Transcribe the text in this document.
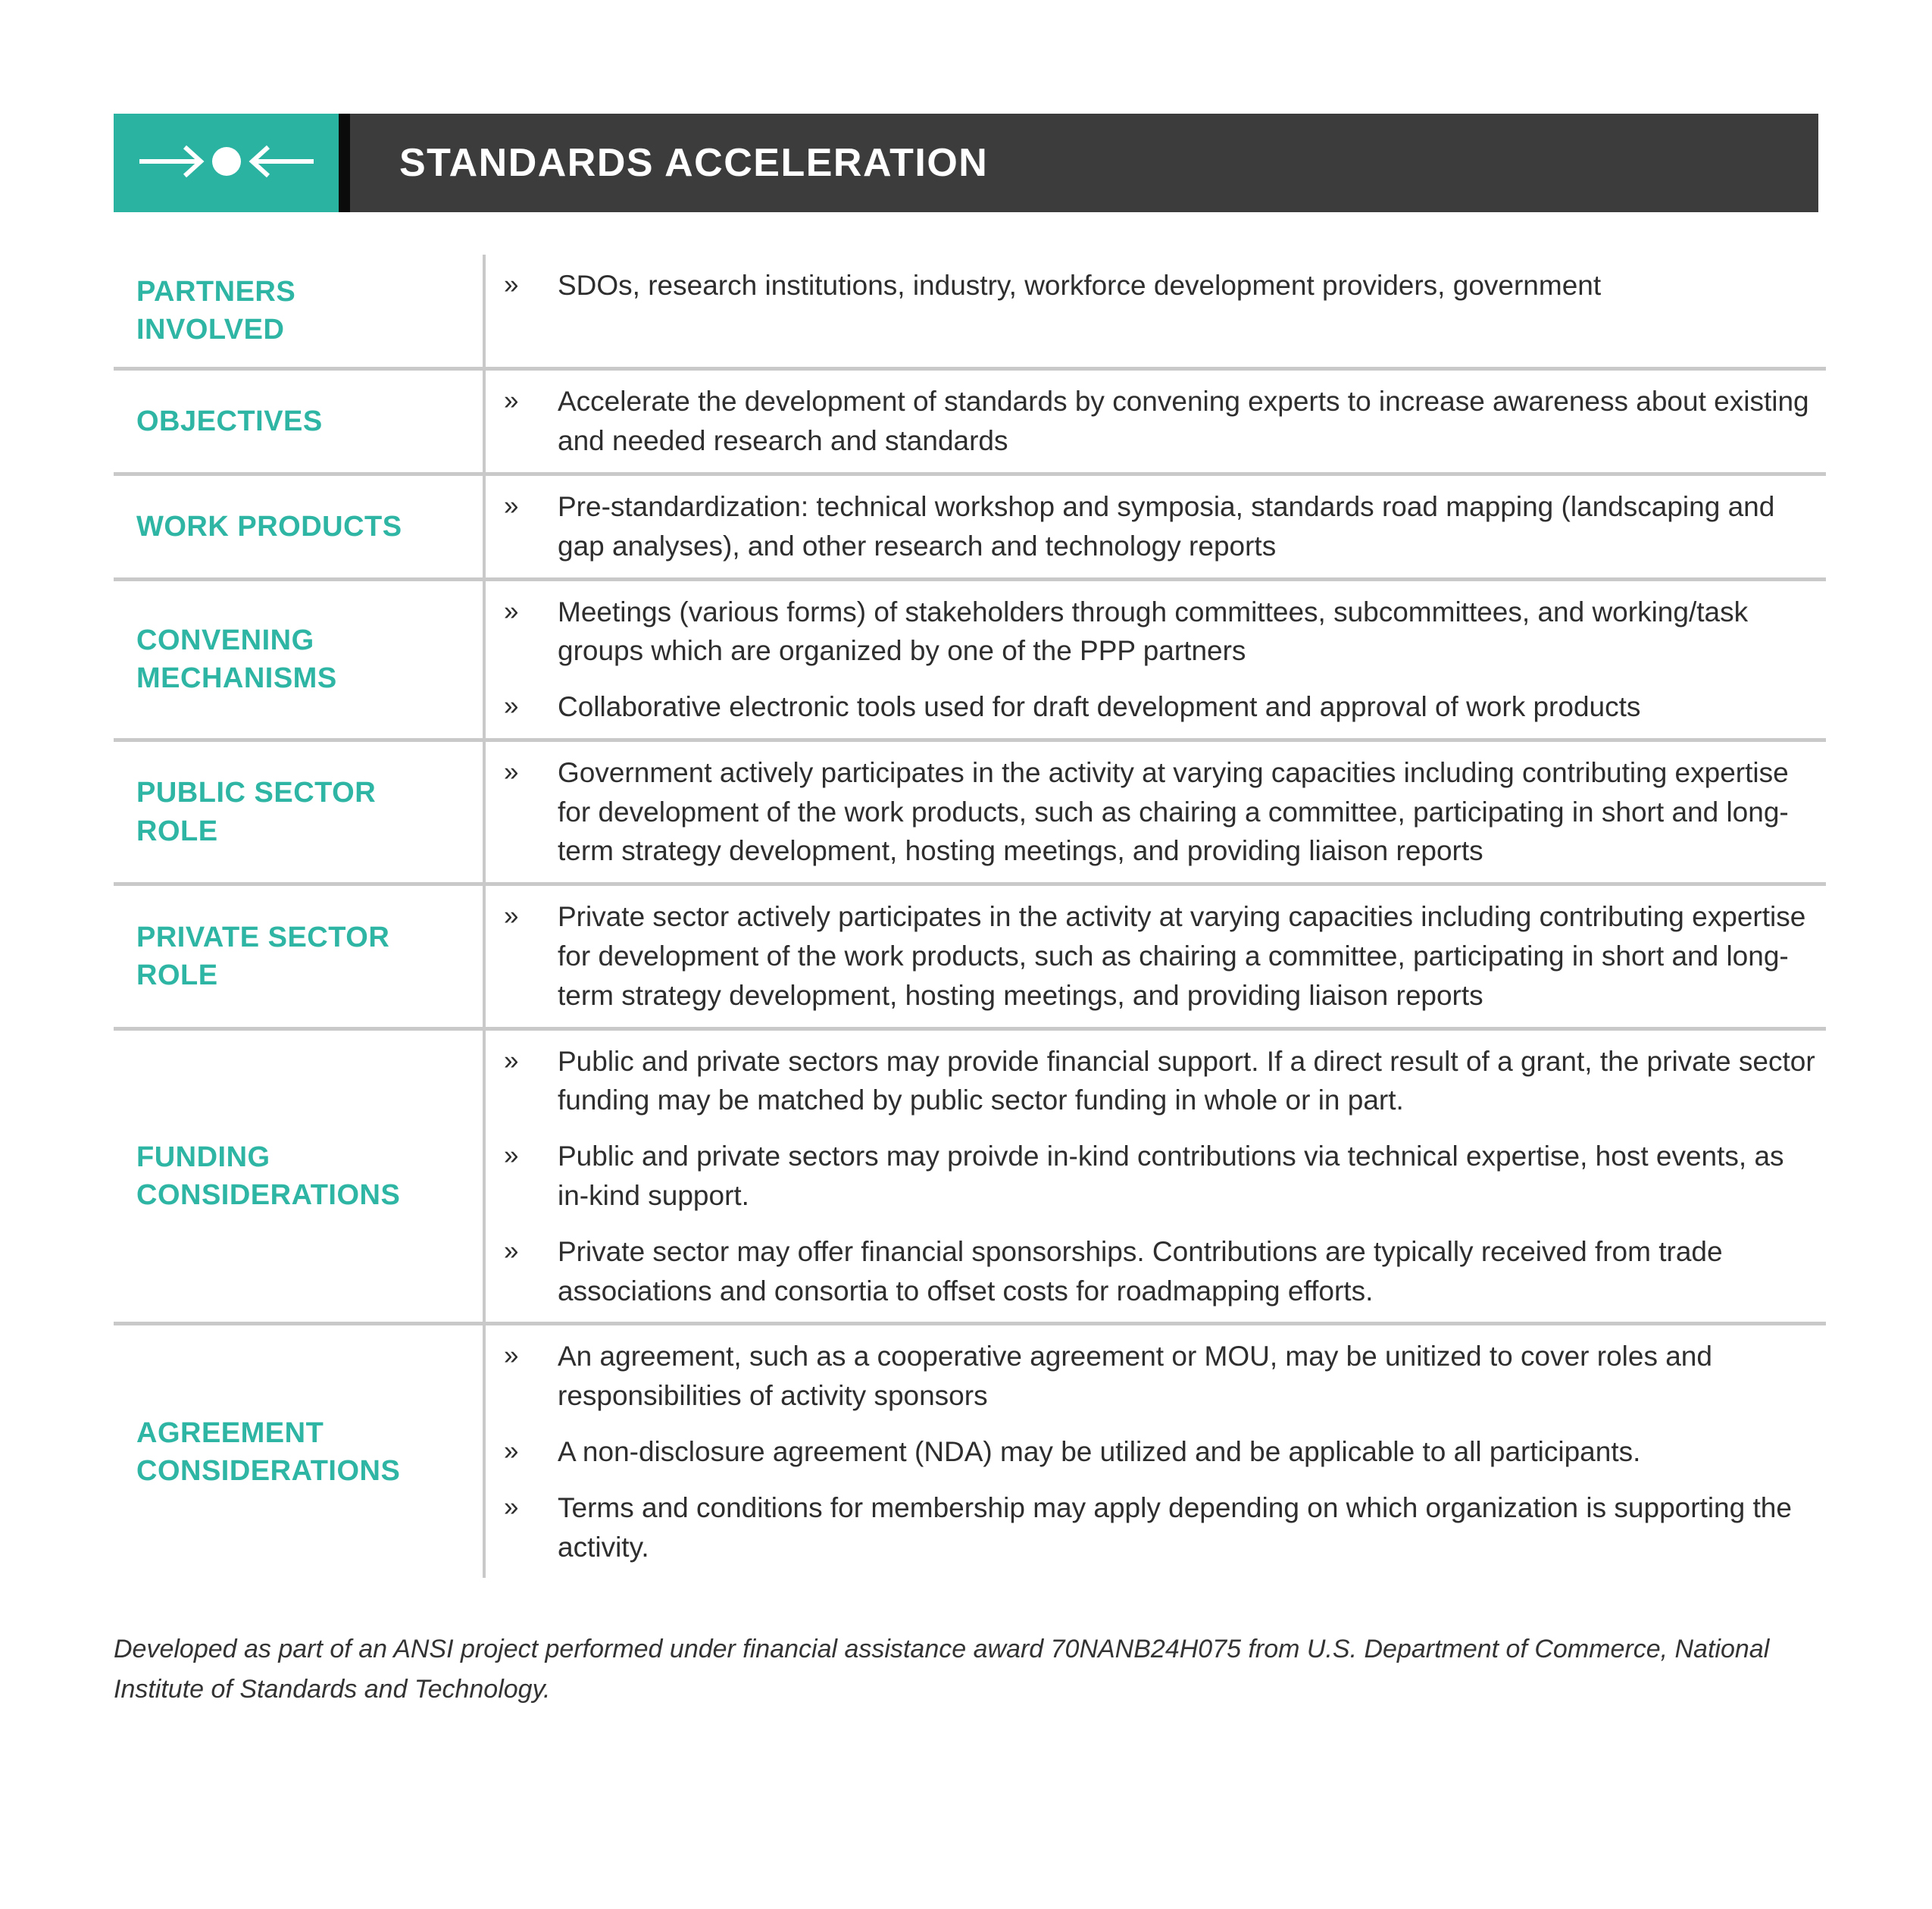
STANDARDS ACCELERATION
PARTNERS INVOLVED
»	SDOs, research institutions, industry, workforce development providers, government
OBJECTIVES
»	Accelerate the development of standards by convening experts to increase awareness about existing and needed research and standards
WORK PRODUCTS
»	Pre-standardization: technical workshop and symposia, standards road mapping (landscaping and gap analyses), and other research and technology reports
CONVENING MECHANISMS
»	Meetings (various forms) of stakeholders through committees, subcommittees, and working/task groups which are organized by one of the PPP partners
»	Collaborative electronic tools used for draft development and approval of work products
PUBLIC SECTOR ROLE
»	Government actively participates in the activity at varying capacities including contributing expertise for development of the work products, such as chairing a committee, participating in short and long-term strategy development, hosting meetings, and providing liaison reports
PRIVATE SECTOR ROLE
»	Private sector actively participates in the activity at varying capacities including contributing expertise for development of the work products, such as chairing a committee, participating in short and long-term strategy development, hosting meetings, and providing liaison reports
FUNDING CONSIDERATIONS
»	Public and private sectors may provide financial support. If a direct result of a grant, the private sector funding may be matched by public sector funding in whole or in part.
»	Public and private sectors may proivde in-kind contributions via technical expertise, host events, as in-kind support.
»	Private sector may offer financial sponsorships. Contributions are typically received from trade associations and consortia to offset costs for roadmapping efforts.
AGREEMENT CONSIDERATIONS
»	An agreement, such as a cooperative agreement or MOU, may be unitized to cover roles and responsibilities of activity sponsors
»	A non-disclosure agreement (NDA) may be utilized and be applicable to all participants.
»	Terms and conditions for membership may apply depending on which organization is supporting the activity.
Developed as part of an ANSI project performed under financial assistance award 70NANB24H075 from U.S. Department of Commerce, National Institute of Standards and Technology.
